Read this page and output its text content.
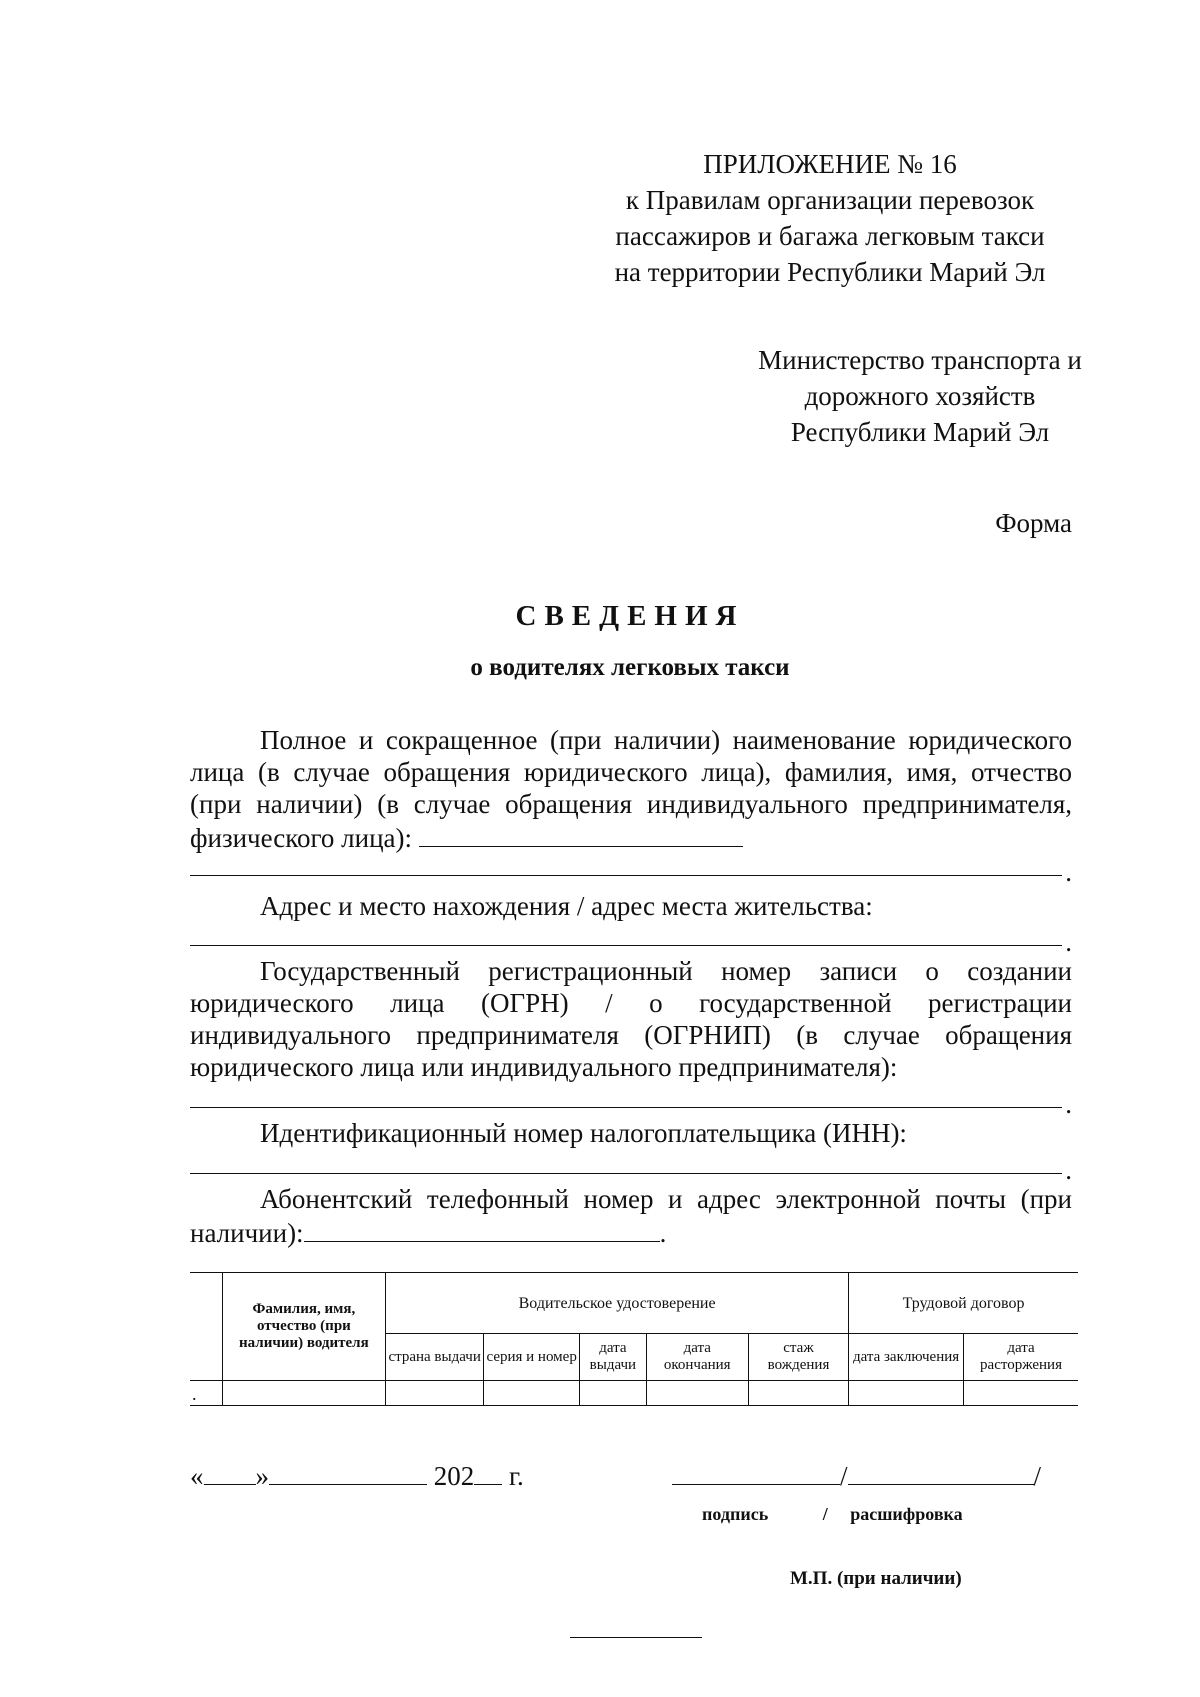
ПРИЛОЖЕНИЕ № 16
к Правилам организации перевозок
пассажиров и багажа легковым такси
на территории Республики Марий Эл
Министерство транспорта и
дорожного хозяйств
Республики Марий Эл
Форма
СВЕДЕНИЯ
о водителях легковых такси
Полное и сокращенное (при наличии) наименование юридического лица (в случае обращения юридического лица), фамилия, имя, отчество (при наличии) (в случае обращения индивидуального предпринимателя, физического лица):
.
Адрес и место нахождения / адрес места жительства:
.
Государственный регистрационный номер записи о создании юридического лица (ОГРН) / о государственной регистрации индивидуального предпринимателя (ОГРНИП) (в случае обращения юридического лица или индивидуального предпринимателя):
.
Идентификационный номер налогоплательщика (ИНН):
.
Абонентский телефонный номер и адрес электронной почты (при наличии):	.
	Фамилия, имя, отчество (при наличии) водителя	Водительское удостоверение					Трудовой договор	
		страна выдачи	серия и номер	дата выдачи	дата окончания	стаж вождения	дата заключения	дата расторжения
.								
« »	202 г.	/	/
подпись	/ расшифровка
М.П. (при наличии)
